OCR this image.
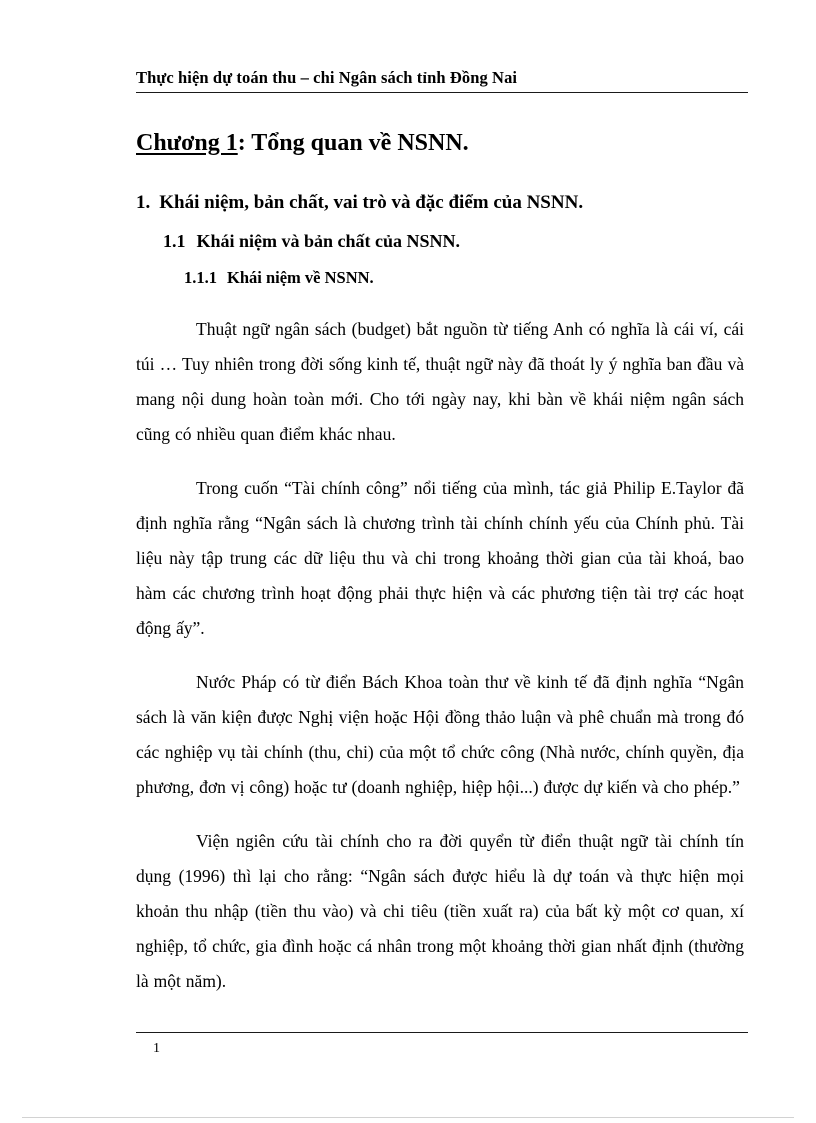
Thực hiện dự toán thu – chi Ngân sách tỉnh Đồng Nai
Chương 1: Tổng quan về NSNN.
1. Khái niệm, bản chất, vai trò và đặc điểm của NSNN.
1.1 Khái niệm và bản chất của NSNN.
1.1.1 Khái niệm về NSNN.

Thuật ngữ ngân sách (budget) bắt nguồn từ tiếng Anh có nghĩa là cái ví, cái túi … Tuy nhiên trong đời sống kinh tế, thuật ngữ này đã thoát ly ý nghĩa ban đầu và mang nội dung hoàn toàn mới. Cho tới ngày nay, khi bàn về khái niệm ngân sách cũng có nhiều quan điểm khác nhau.

Trong cuốn “Tài chính công” nổi tiếng của mình, tác giả Philip E.Taylor đã định nghĩa rằng “Ngân sách là chương trình tài chính chính yếu của Chính phủ. Tài liệu này tập trung các dữ liệu thu và chi trong khoảng thời gian của tài khoá, bao hàm các chương trình hoạt động phải thực hiện và các phương tiện tài trợ các hoạt động ấy”.

Nước Pháp có từ điển Bách Khoa toàn thư về kinh tế đã định nghĩa “Ngân sách là văn kiện được Nghị viện hoặc Hội đồng thảo luận và phê chuẩn mà trong đó các nghiệp vụ tài chính (thu, chi) của một tổ chức công (Nhà nước, chính quyền, địa phương, đơn vị công) hoặc tư (doanh nghiệp, hiệp hội...) được dự kiến và cho phép.”

Viện ngiên cứu tài chính cho ra đời quyển từ điển thuật ngữ tài chính tín dụng (1996) thì lại cho rằng: “Ngân sách được hiểu là dự toán và thực hiện mọi khoản thu nhập (tiền thu vào) và chi tiêu (tiền xuất ra) của bất kỳ một cơ quan, xí nghiệp, tổ chức, gia đình hoặc cá nhân trong một khoảng thời gian nhất định (thường là một năm).

1
